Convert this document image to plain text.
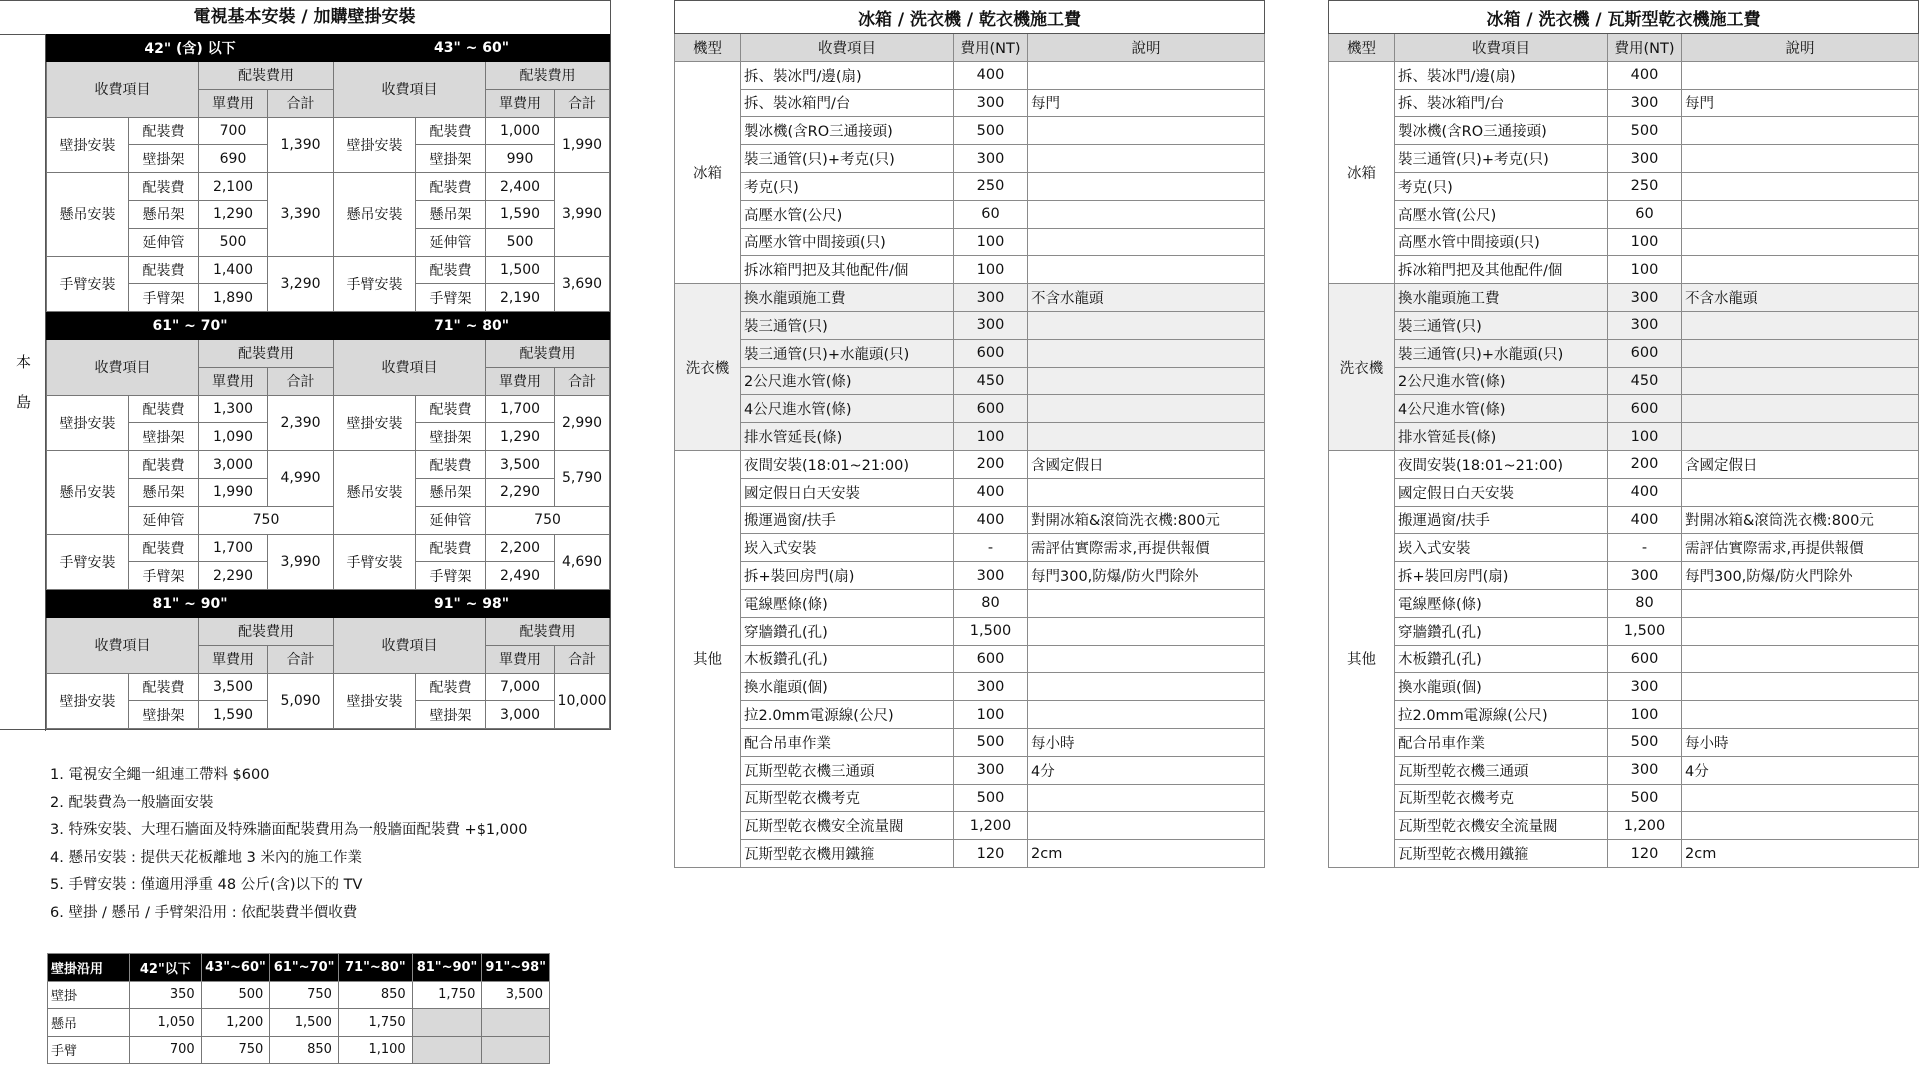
電視基本安裝 / 加購壁掛安裝
本
島
42" (含) 以下				43" ~ 60"			
收費項目		配裝費用		收費項目		配裝費用	
		單費用	合計			單費用	合計
壁掛安裝	配裝費	700	1,390	壁掛安裝	配裝費	1,000	1,990
	壁掛架	690			壁掛架	990	
懸吊安裝	配裝費	2,100	3,390	懸吊安裝	配裝費	2,400	3,990
	懸吊架	1,290			懸吊架	1,590	
	延伸管	500			延伸管	500	
手臂安裝	配裝費	1,400	3,290	手臂安裝	配裝費	1,500	3,690
	手臂架	1,890			手臂架	2,190	
61" ~ 70"				71" ~ 80"			
收費項目		配裝費用		收費項目		配裝費用	
		單費用	合計			單費用	合計
壁掛安裝	配裝費	1,300	2,390	壁掛安裝	配裝費	1,700	2,990
	壁掛架	1,090			壁掛架	1,290	
懸吊安裝	配裝費	3,000	4,990	懸吊安裝	配裝費	3,500	5,790
	懸吊架	1,990			懸吊架	2,290	
	延伸管	750			延伸管	750	
手臂安裝	配裝費	1,700	3,990	手臂安裝	配裝費	2,200	4,690
	手臂架	2,290			手臂架	2,490	
81" ~ 90"				91" ~ 98"			
收費項目		配裝費用		收費項目		配裝費用	
		單費用	合計			單費用	合計
壁掛安裝	配裝費	3,500	5,090	壁掛安裝	配裝費	7,000	10,000
	壁掛架	1,590			壁掛架	3,000	
1. 電視安全繩一組連工帶料 $600
2. 配裝費為一般牆面安裝
3. 特殊安裝、大理石牆面及特殊牆面配裝費用為一般牆面配裝費 +$1,000
4. 懸吊安裝 : 提供天花板離地 3 米內的施工作業
5. 手臂安裝 : 僅適用淨重 48 公斤(含)以下的 TV
6. 壁掛 / 懸吊 / 手臂架沿用 : 依配裝費半價收費
壁掛沿用	42"以下	43"~60"	61"~70"	71"~80"	81"~90"	91"~98"
壁掛	350	500	750	850	1,750	3,500
懸吊	1,050	1,200	1,500	1,750		
手臂	700	750	850	1,100		
冰箱 / 洗衣機 / 乾衣機施工費			
機型	收費項目	費用(NT)	說明
冰箱	拆、裝冰門/邊(扇)	400	
	拆、裝冰箱門/台	300	每門
	製冰機(含RO三通接頭)	500	
	裝三通管(只)+考克(只)	300	
	考克(只)	250	
	高壓水管(公尺)	60	
	高壓水管中間接頭(只)	100	
	拆冰箱門把及其他配件/個	100	
洗衣機	換水龍頭施工費	300	不含水龍頭
	裝三通管(只)	300	
	裝三通管(只)+水龍頭(只)	600	
	2公尺進水管(條)	450	
	4公尺進水管(條)	600	
	排水管延長(條)	100	
其他	夜間安裝(18:01~21:00)	200	含國定假日
	國定假日白天安裝	400	
	搬運過窗/扶手	400	對開冰箱&滾筒洗衣機:800元
	崁入式安裝	-	需評估實際需求,再提供報價
	拆+裝回房門(扇)	300	每門300,防爆/防火門除外
	電線壓條(條)	80	
	穿牆鑽孔(孔)	1,500	
	木板鑽孔(孔)	600	
	換水龍頭(個)	300	
	拉2.0mm電源線(公尺)	100	
	配合吊車作業	500	每小時
	瓦斯型乾衣機三通頭	300	4分
	瓦斯型乾衣機考克	500	
	瓦斯型乾衣機安全流量閥	1,200	
	瓦斯型乾衣機用鐵箍	120	2cm
冰箱 / 洗衣機 / 瓦斯型乾衣機施工費			
機型	收費項目	費用(NT)	說明
冰箱	拆、裝冰門/邊(扇)	400	
	拆、裝冰箱門/台	300	每門
	製冰機(含RO三通接頭)	500	
	裝三通管(只)+考克(只)	300	
	考克(只)	250	
	高壓水管(公尺)	60	
	高壓水管中間接頭(只)	100	
	拆冰箱門把及其他配件/個	100	
洗衣機	換水龍頭施工費	300	不含水龍頭
	裝三通管(只)	300	
	裝三通管(只)+水龍頭(只)	600	
	2公尺進水管(條)	450	
	4公尺進水管(條)	600	
	排水管延長(條)	100	
其他	夜間安裝(18:01~21:00)	200	含國定假日
	國定假日白天安裝	400	
	搬運過窗/扶手	400	對開冰箱&滾筒洗衣機:800元
	崁入式安裝	-	需評估實際需求,再提供報價
	拆+裝回房門(扇)	300	每門300,防爆/防火門除外
	電線壓條(條)	80	
	穿牆鑽孔(孔)	1,500	
	木板鑽孔(孔)	600	
	換水龍頭(個)	300	
	拉2.0mm電源線(公尺)	100	
	配合吊車作業	500	每小時
	瓦斯型乾衣機三通頭	300	4分
	瓦斯型乾衣機考克	500	
	瓦斯型乾衣機安全流量閥	1,200	
	瓦斯型乾衣機用鐵箍	120	2cm
